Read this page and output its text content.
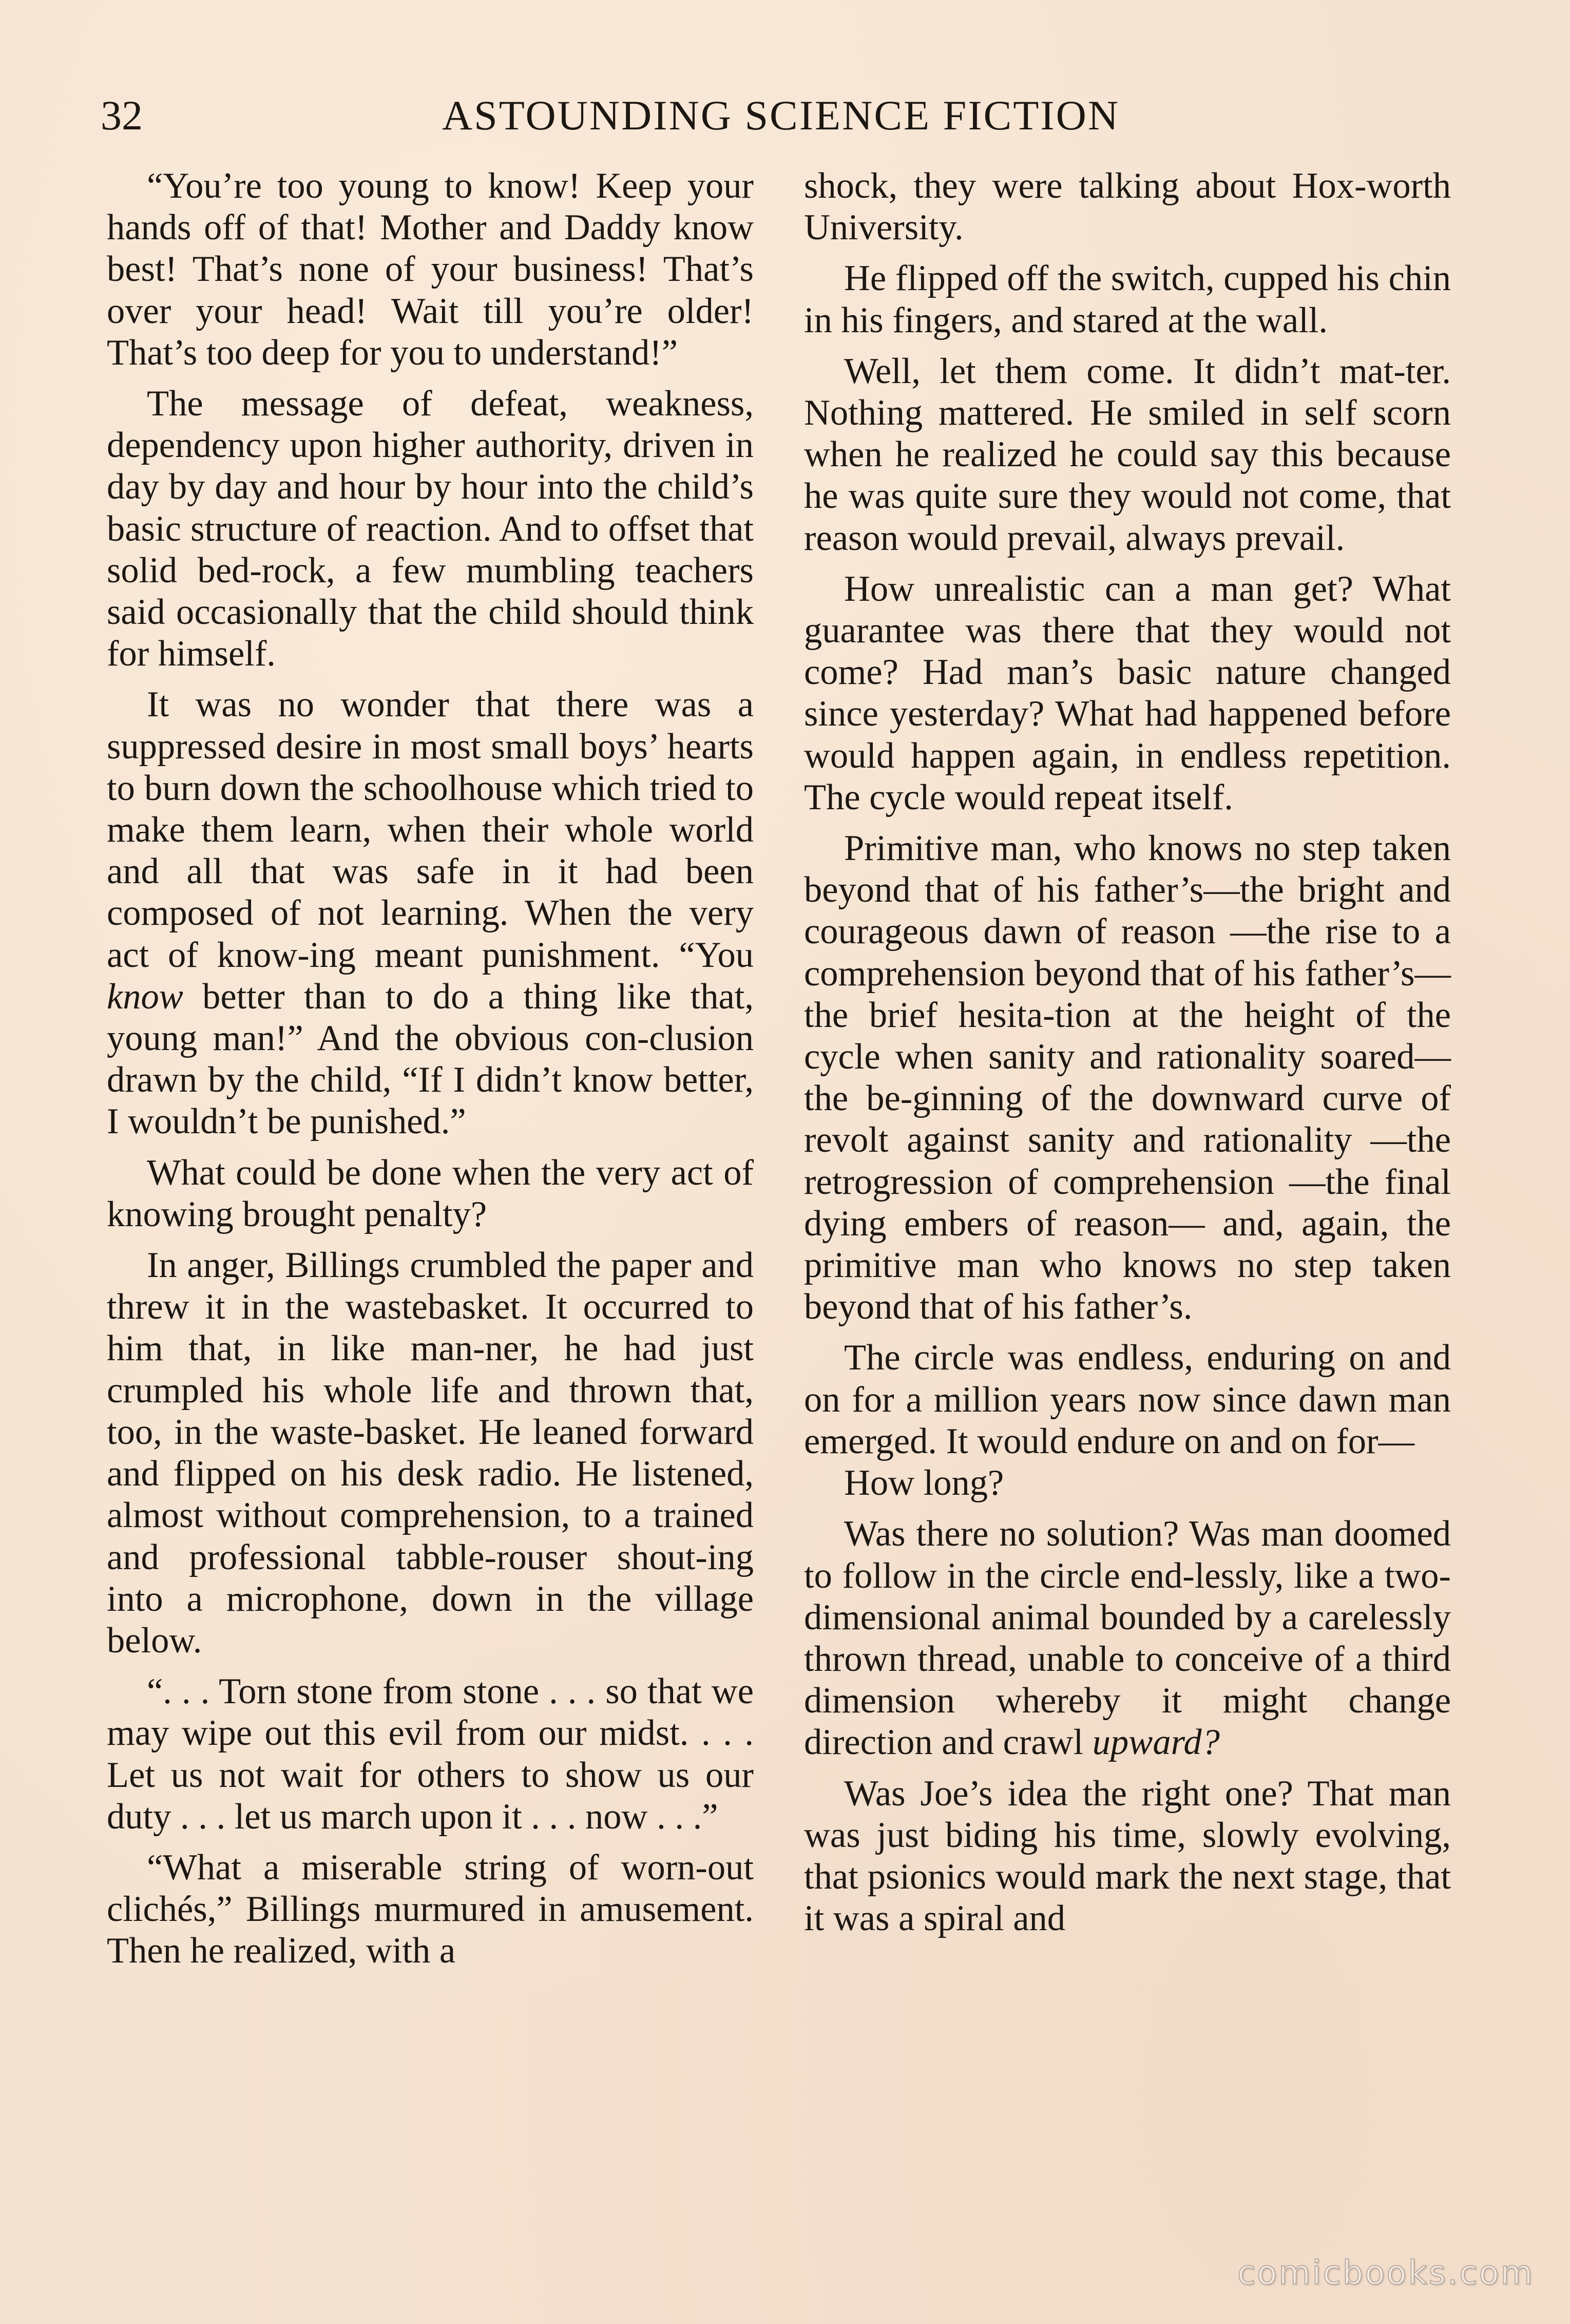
32	ASTOUNDING SCIENCE FICTION

“You’re too young to know! Keep your hands off of that! Mother and Daddy know best! That’s none of your business! That’s over your head! Wait till you’re older! That’s too deep for you to understand!”

The message of defeat, weakness, dependency upon higher authority, driven in day by day and hour by hour into the child’s basic structure of reaction. And to offset that solid bed-rock, a few mumbling teachers said occasionally that the child should think for himself.

It was no wonder that there was a suppressed desire in most small boys’ hearts to burn down the schoolhouse which tried to make them learn, when their whole world and all that was safe in it had been composed of not learning. When the very act of know-ing meant punishment. “You know better than to do a thing like that, young man!” And the obvious con-clusion drawn by the child, “If I didn’t know better, I wouldn’t be punished.”

What could be done when the very act of knowing brought penalty?

In anger, Billings crumbled the paper and threw it in the wastebasket. It occurred to him that, in like man-ner, he had just crumpled his whole life and thrown that, too, in the waste-basket. He leaned forward and flipped on his desk radio. He listened, almost without comprehension, to a trained and professional tabble-rouser shout-ing into a microphone, down in the village below.

“. . . Torn stone from stone . . . so that we may wipe out this evil from our midst. . . . Let us not wait for others to show us our duty . . . let us march upon it . . . now . . .”

“What a miserable string of worn-out clichés,” Billings murmured in amusement. Then he realized, with a

shock, they were talking about Hox-worth University.

He flipped off the switch, cupped his chin in his fingers, and stared at the wall.

Well, let them come. It didn’t mat-ter. Nothing mattered. He smiled in self scorn when he realized he could say this because he was quite sure they would not come, that reason would prevail, always prevail.

How unrealistic can a man get? What guarantee was there that they would not come? Had man’s basic nature changed since yesterday? What had happened before would happen again, in endless repetition. The cycle would repeat itself.

Primitive man, who knows no step taken beyond that of his father’s—the bright and courageous dawn of reason —the rise to a comprehension beyond that of his father’s—the brief hesita-tion at the height of the cycle when sanity and rationality soared—the be-ginning of the downward curve of revolt against sanity and rationality —the retrogression of comprehension —the final dying embers of reason— and, again, the primitive man who knows no step taken beyond that of his father’s.

The circle was endless, enduring on and on for a million years now since dawn man emerged. It would endure on and on for—

How long?

Was there no solution? Was man doomed to follow in the circle end-lessly, like a two-dimensional animal bounded by a carelessly thrown thread, unable to conceive of a third dimension whereby it might change direction and crawl upward?

Was Joe’s idea the right one? That man was just biding his time, slowly evolving, that psionics would mark the next stage, that it was a spiral and

comicbooks.com
